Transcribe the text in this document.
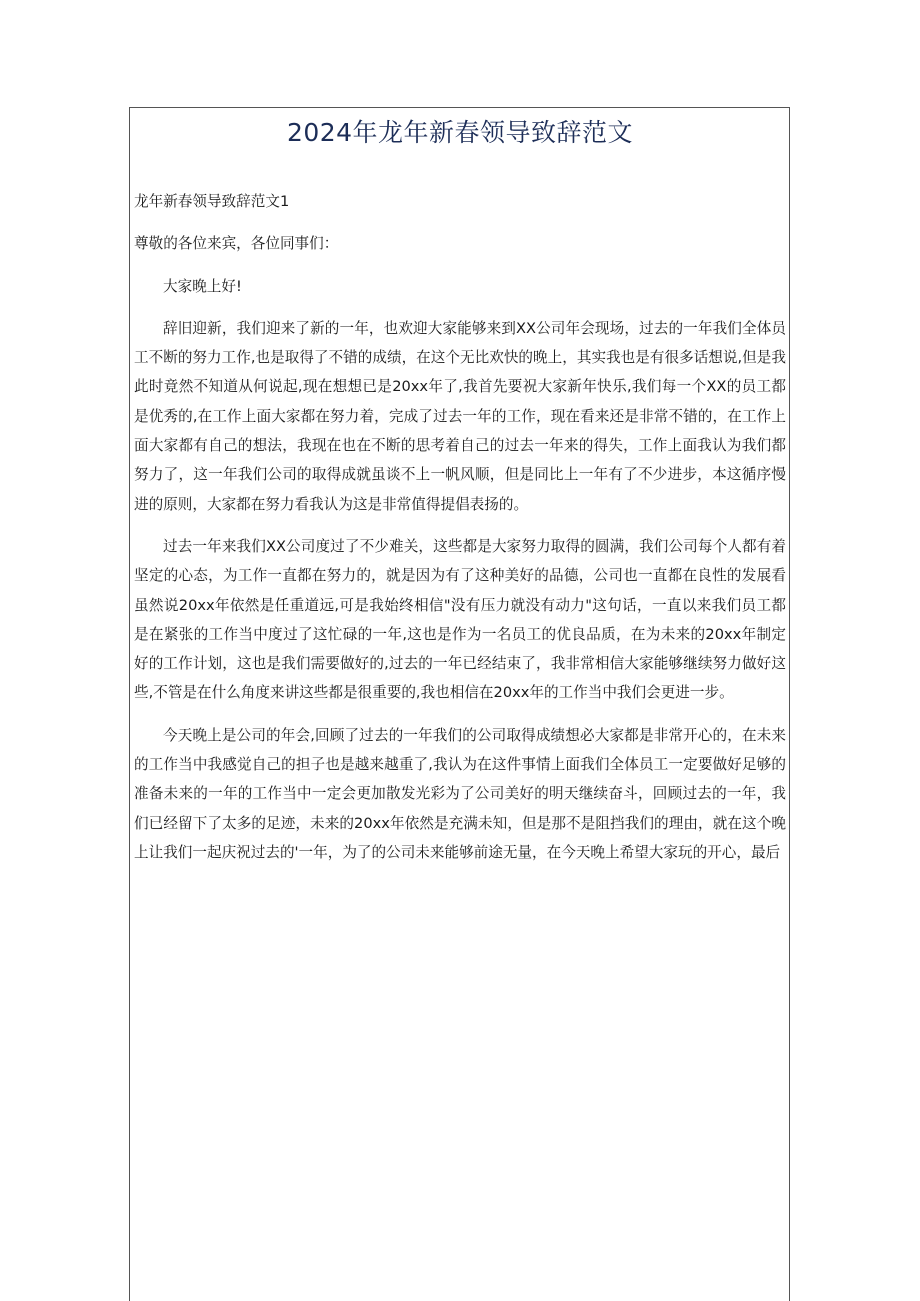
2024年龙年新春领导致辞范文

龙年新春领导致辞范文1

尊敬的各位来宾，各位同事们：

大家晚上好!

辞旧迎新，我们迎来了新的一年，也欢迎大家能够来到XX公司年会现场，过去的一年我们全体员工不断的努力工作,也是取得了不错的成绩，在这个无比欢快的晚上，其实我也是有很多话想说,但是我此时竟然不知道从何说起,现在想想已是20xx年了,我首先要祝大家新年快乐,我们每一个XX的员工都是优秀的,在工作上面大家都在努力着，完成了过去一年的工作，现在看来还是非常不错的，在工作上面大家都有自己的想法，我现在也在不断的思考着自己的过去一年来的得失，工作上面我认为我们都努力了，这一年我们公司的取得成就虽谈不上一帆风顺，但是同比上一年有了不少进步，本这循序慢进的原则，大家都在努力看我认为这是非常值得提倡表扬的。

过去一年来我们XX公司度过了不少难关，这些都是大家努力取得的圆满，我们公司每个人都有着坚定的心态，为工作一直都在努力的，就是因为有了这种美好的品德，公司也一直都在良性的发展看虽然说20xx年依然是任重道远,可是我始终相信"没有压力就没有动力"这句话，一直以来我们员工都是在紧张的工作当中度过了这忙碌的一年,这也是作为一名员工的优良品质，在为未来的20xx年制定好的工作计划，这也是我们需要做好的,过去的一年已经结束了，我非常相信大家能够继续努力做好这些,不管是在什么角度来讲这些都是很重要的,我也相信在20xx年的工作当中我们会更进一步。

今天晚上是公司的年会,回顾了过去的一年我们的公司取得成绩想必大家都是非常开心的，在未来的工作当中我感觉自己的担子也是越来越重了,我认为在这件事情上面我们全体员工一定要做好足够的准备未来的一年的工作当中一定会更加散发光彩为了公司美好的明天继续奋斗，回顾过去的一年，我们已经留下了太多的足迹，未来的20xx年依然是充满未知，但是那不是阻挡我们的理由，就在这个晚上让我们一起庆祝过去的'一年，为了的公司未来能够前途无量，在今天晚上希望大家玩的开心，最后
